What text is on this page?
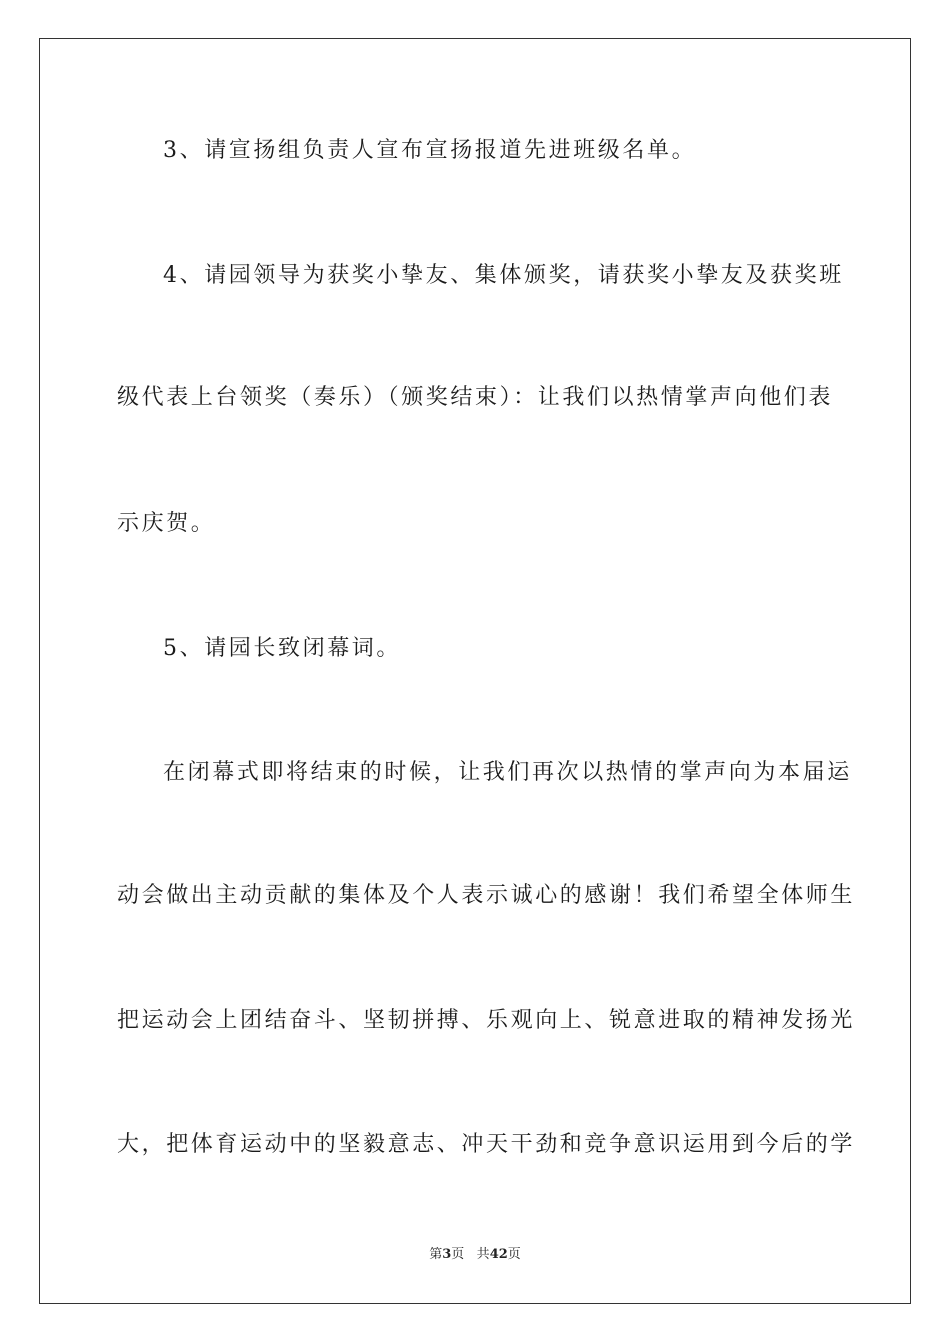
3、请宣扬组负责人宣布宣扬报道先进班级名单。
4、请园领导为获奖小挚友、集体颁奖，请获奖小挚友及获奖班
级代表上台领奖（奏乐）（颁奖结束）：让我们以热情掌声向他们表
示庆贺。
5、请园长致闭幕词。
在闭幕式即将结束的时候，让我们再次以热情的掌声向为本届运
动会做出主动贡献的集体及个人表示诚心的感谢！我们希望全体师生
把运动会上团结奋斗、坚韧拼搏、乐观向上、锐意进取的精神发扬光
大，把体育运动中的坚毅意志、冲天干劲和竞争意识运用到今后的学
第3页 共42页
